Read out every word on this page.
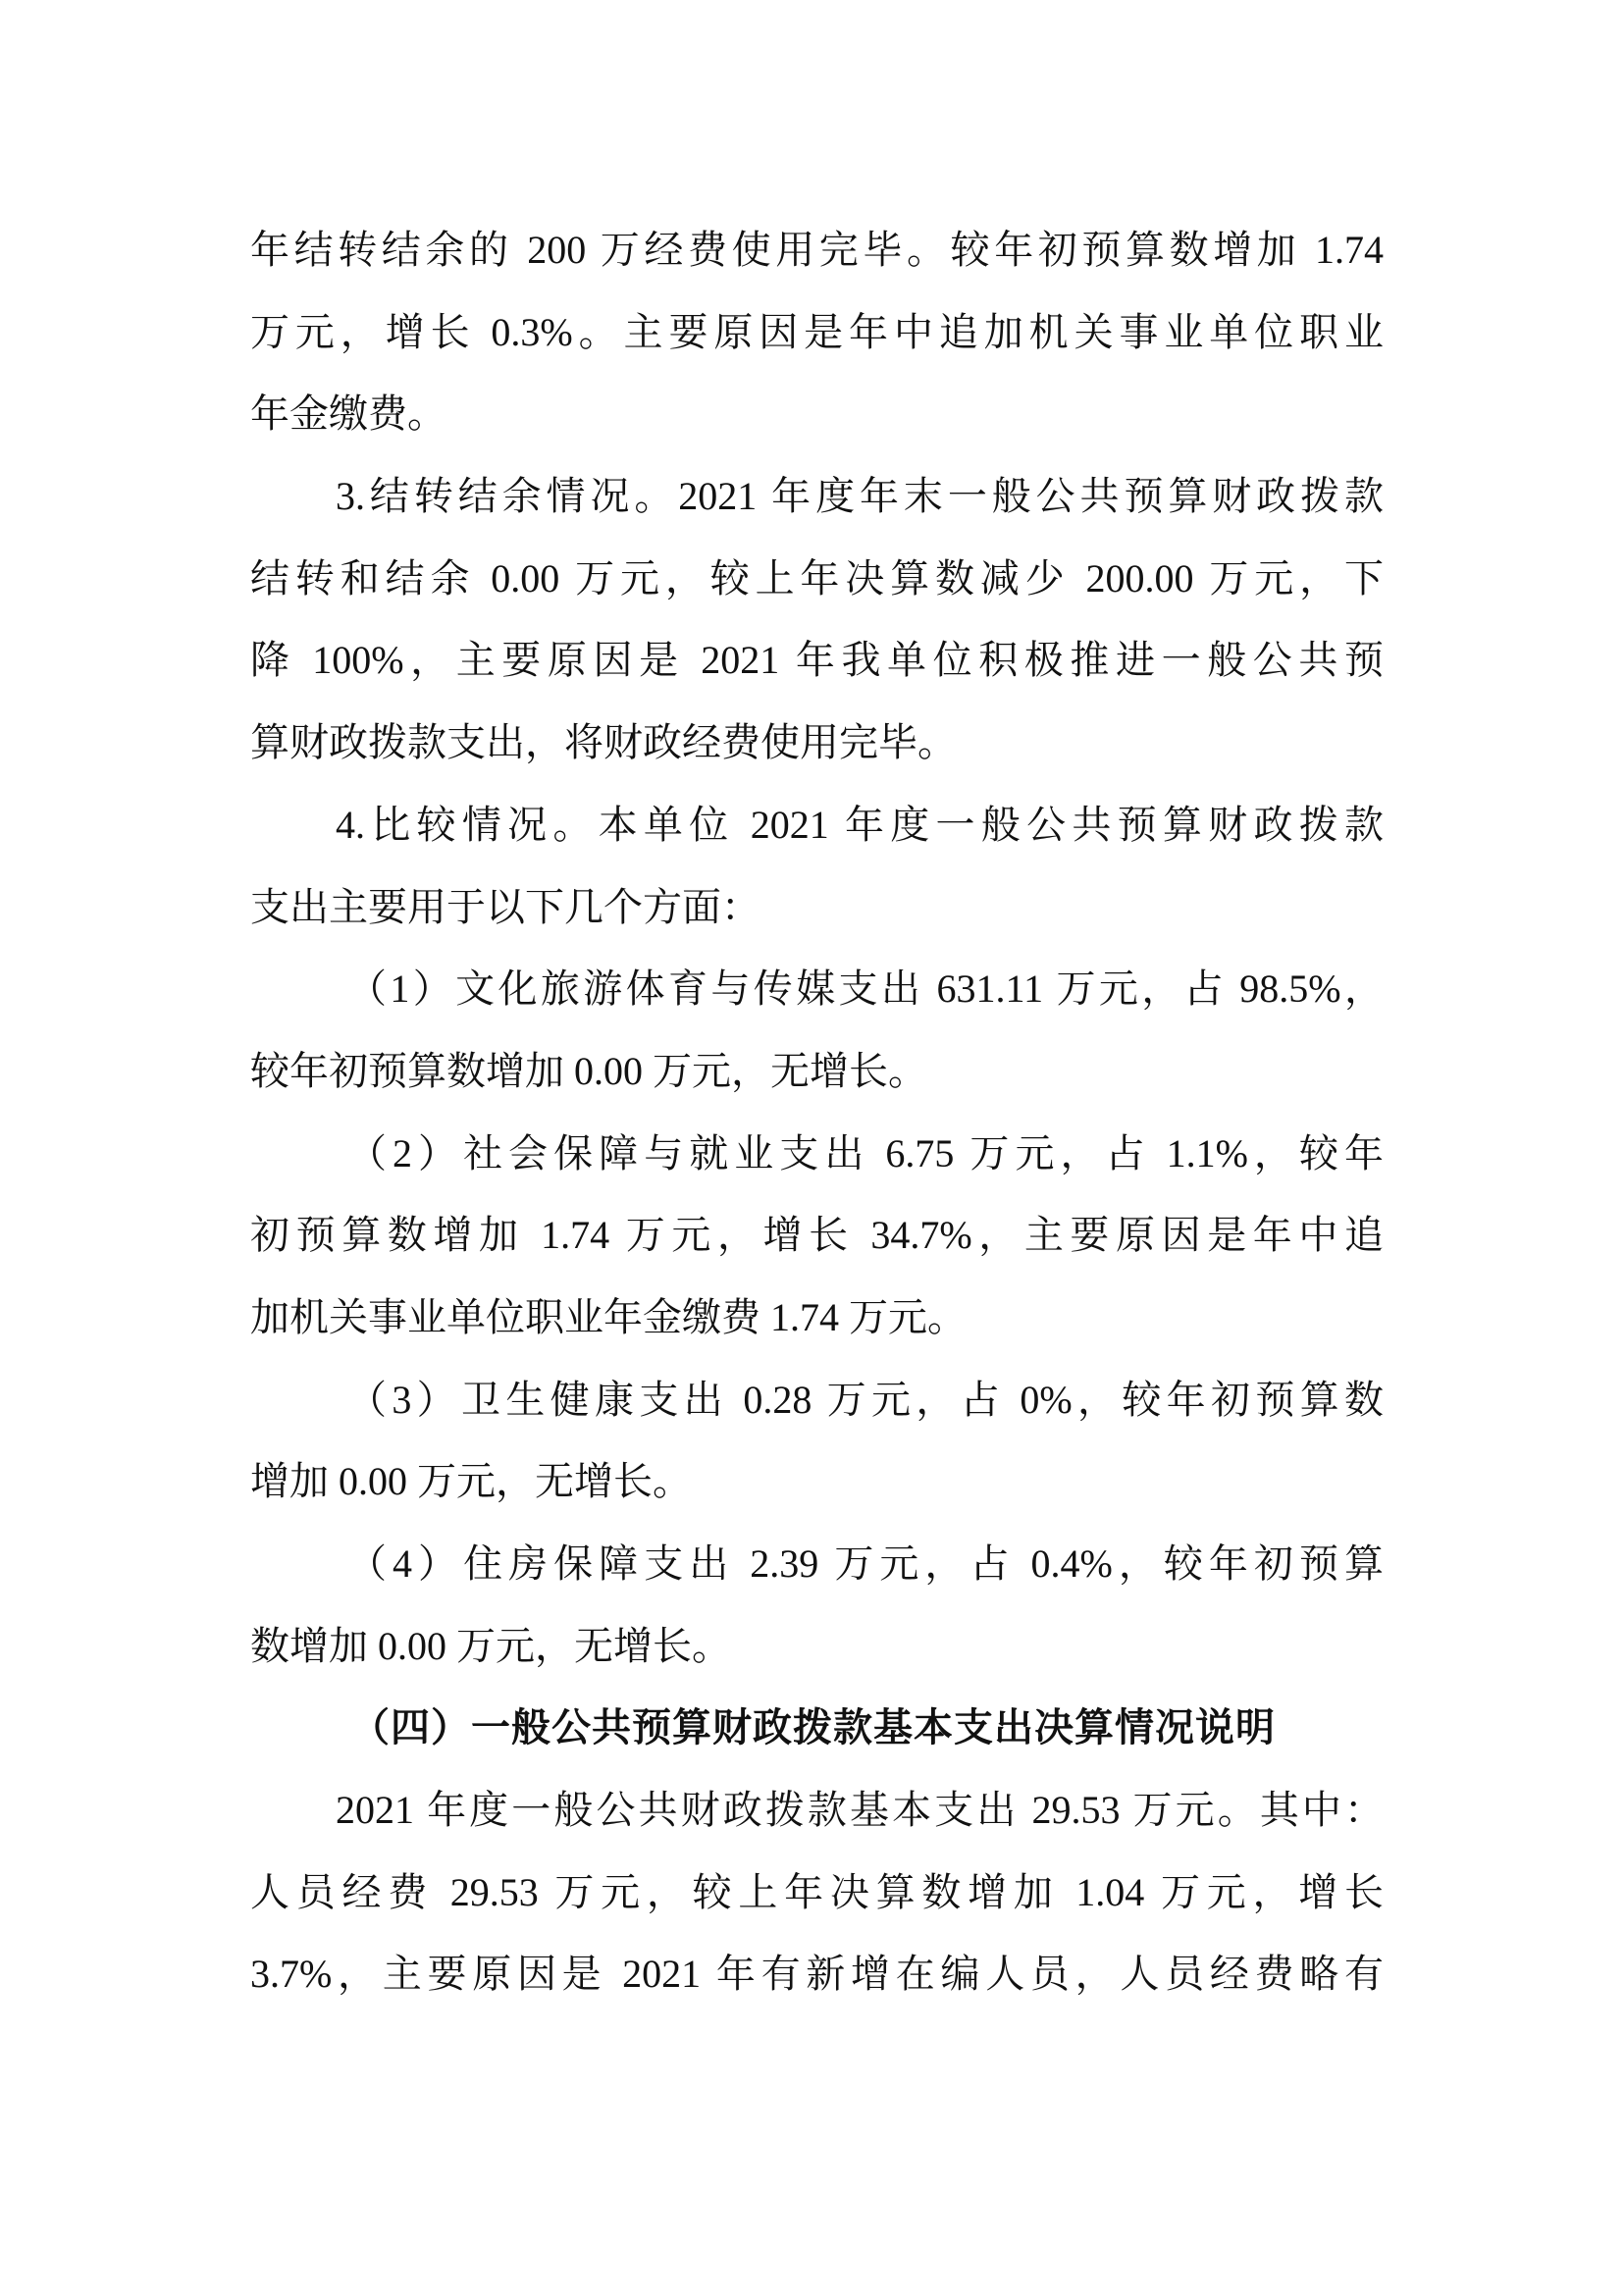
年结转结余的 200 万经费使用完毕。较年初预算数增加 1.74
万元，增长 0.3%。主要原因是年中追加机关事业单位职业
年金缴费。
3.结转结余情况。2021 年度年末一般公共预算财政拨款
结转和结余 0.00 万元，较上年决算数减少 200.00 万元，下
降 100%，主要原因是 2021 年我单位积极推进一般公共预
算财政拨款支出，将财政经费使用完毕。
4.比较情况。本单位 2021 年度一般公共预算财政拨款
支出主要用于以下几个方面：
（1）文化旅游体育与传媒支出 631.11 万元，占 98.5%，
较年初预算数增加 0.00 万元，无增长。
（2）社会保障与就业支出 6.75 万元，占 1.1%，较年
初预算数增加 1.74 万元，增长 34.7%，主要原因是年中追
加机关事业单位职业年金缴费 1.74 万元。
（3）卫生健康支出 0.28 万元，占 0%，较年初预算数
增加 0.00 万元，无增长。
（4）住房保障支出 2.39 万元，占 0.4%，较年初预算
数增加 0.00 万元，无增长。
（四）一般公共预算财政拨款基本支出决算情况说明
2021 年度一般公共财政拨款基本支出 29.53 万元。其中：
人员经费 29.53 万元，较上年决算数增加 1.04 万元，增长
3.7%，主要原因是 2021 年有新增在编人员，人员经费略有
